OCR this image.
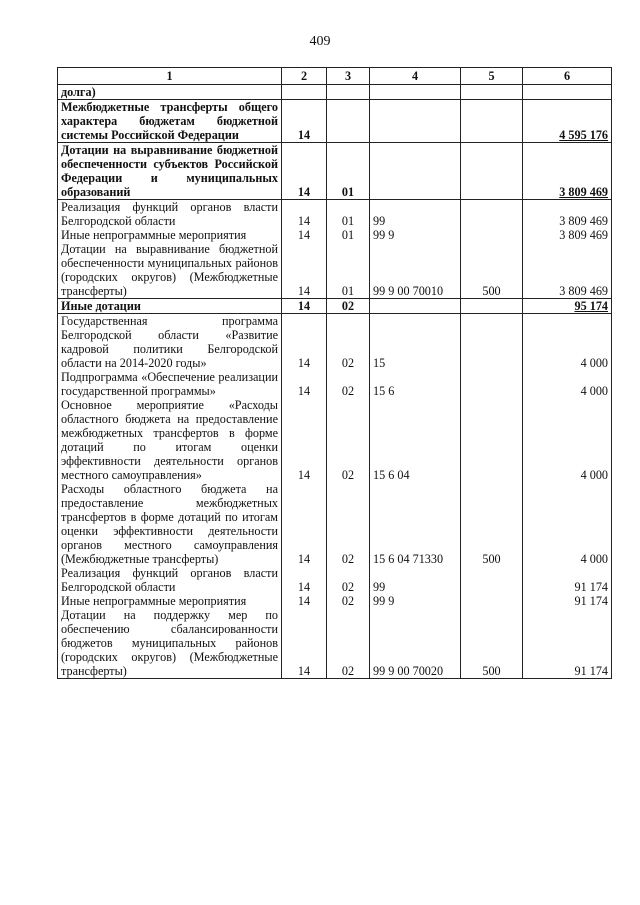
409
1	2	3	4	5	6
долга)					
Межбюджетные трансферты общего характера бюджетам бюджетной системы Российской Федерации	14				4 595 176
Дотации на выравнивание бюджетной обеспеченности субъектов Российской Федерации и муниципальных образований	14	01			3 809 469
Реализация функций органов власти Белгородской области	14	01	99		3 809 469
Иные непрограммные мероприятия	14	01	99 9		3 809 469
Дотации на выравнивание бюджетной обеспеченности муниципальных районов (городских округов) (Межбюджетные трансферты)	14	01	99 9 00 70010	500	3 809 469
Иные дотации	14	02			95 174
Государственная программа Белгородской области «Развитие кадровой политики Белгородской области на 2014-2020 годы»	14	02	15		4 000
Подпрограмма «Обеспечение реализации государственной программы»	14	02	15 6		4 000
Основное мероприятие «Расходы областного бюджета на предоставление межбюджетных трансфертов в форме дотаций по итогам оценки эффективности деятельности органов местного самоуправления»	14	02	15 6 04		4 000
Расходы областного бюджета на предоставление межбюджетных трансфертов в форме дотаций по итогам оценки эффективности деятельности органов местного самоуправления (Межбюджетные трансферты)	14	02	15 6 04 71330	500	4 000
Реализация функций органов власти Белгородской области	14	02	99		91 174
Иные непрограммные мероприятия	14	02	99 9		91 174
Дотации на поддержку мер по обеспечению сбалансированности бюджетов муниципальных районов (городских округов) (Межбюджетные трансферты)	14	02	99 9 00 70020	500	91 174
